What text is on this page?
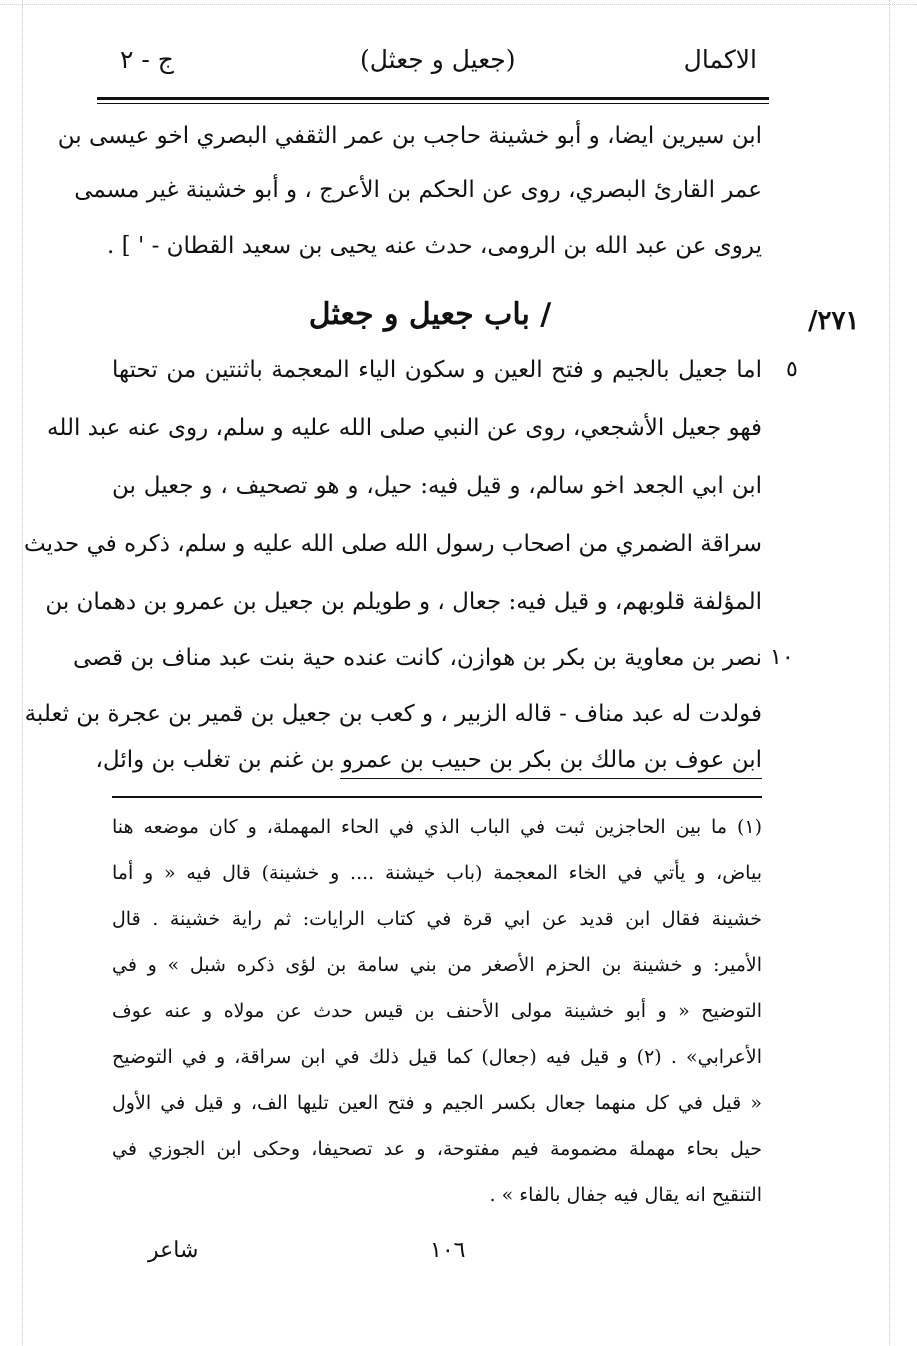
الاكمال
(جعيل و جعثل)
ج - ٢
ابن سيرين ايضا، و أبو خشينة حاجب بن عمر الثقفي البصري اخو عيسى بن
عمر القارئ البصري، روى عن الحكم بن الأعرج ، و أبو خشينة غير مسمى
يروى عن عبد الله بن الرومى، حدث عنه يحيى بن سعيد القطان - ' ] .
/٢٧١
/ باب جعيل و جعثل
٥
اما جعيل بالجيم و فتح العين و سكون الياء المعجمة باثنتين من تحتها
فهو جعيل الأشجعي، روى عن النبي صلى الله عليه و سلم، روى عنه عبد الله
ابن ابي الجعد اخو سالم، و قيل فيه: حيل، و هو تصحيف ، و جعيل بن
سراقة الضمري من اصحاب رسول الله صلى الله عليه و سلم، ذكره في حديث
المؤلفة قلوبهم، و قيل فيه: جعال ، و طويلم بن جعيل بن عمرو بن دهمان بن
١٠
نصر بن معاوية بن بكر بن هوازن، كانت عنده حية بنت عبد مناف بن قصى
فولدت له عبد مناف - قاله الزبير ، و كعب بن جعيل بن قمير بن عجرة بن ثعلبة
ابن عوف بن مالك بن بكر بن حبيب بن عمرو بن غنم بن تغلب بن وائل،
(١) ما بين الحاجزين ثبت في الباب الذي في الحاء المهملة، و كان موضعه هنا
بياض، و يأتي في الخاء المعجمة (باب خيشنة .... و خشينة) قال فيه « و أما
خشينة فقال ابن قديد عن ابي قرة في كتاب الرايات: ثم راية خشينة . قال
الأمير: و خشينة بن الحزم الأصغر من بني سامة بن لؤى ذكره شبل » و في
التوضيح « و أبو خشينة مولى الأحنف بن قيس حدث عن مولاه و عنه عوف
الأعرابي» . (٢) و قيل فيه (جعال) كما قيل ذلك في ابن سراقة، و في التوضيح
« قيل في كل منهما جعال بكسر الجيم و فتح العين تليها الف، و قيل في الأول
حيل بحاء مهملة مضمومة فيم مفتوحة، و عد تصحيفا، وحكى ابن الجوزي في
التنقيح انه يقال فيه جفال بالفاء » .
١٠٦
شاعر
